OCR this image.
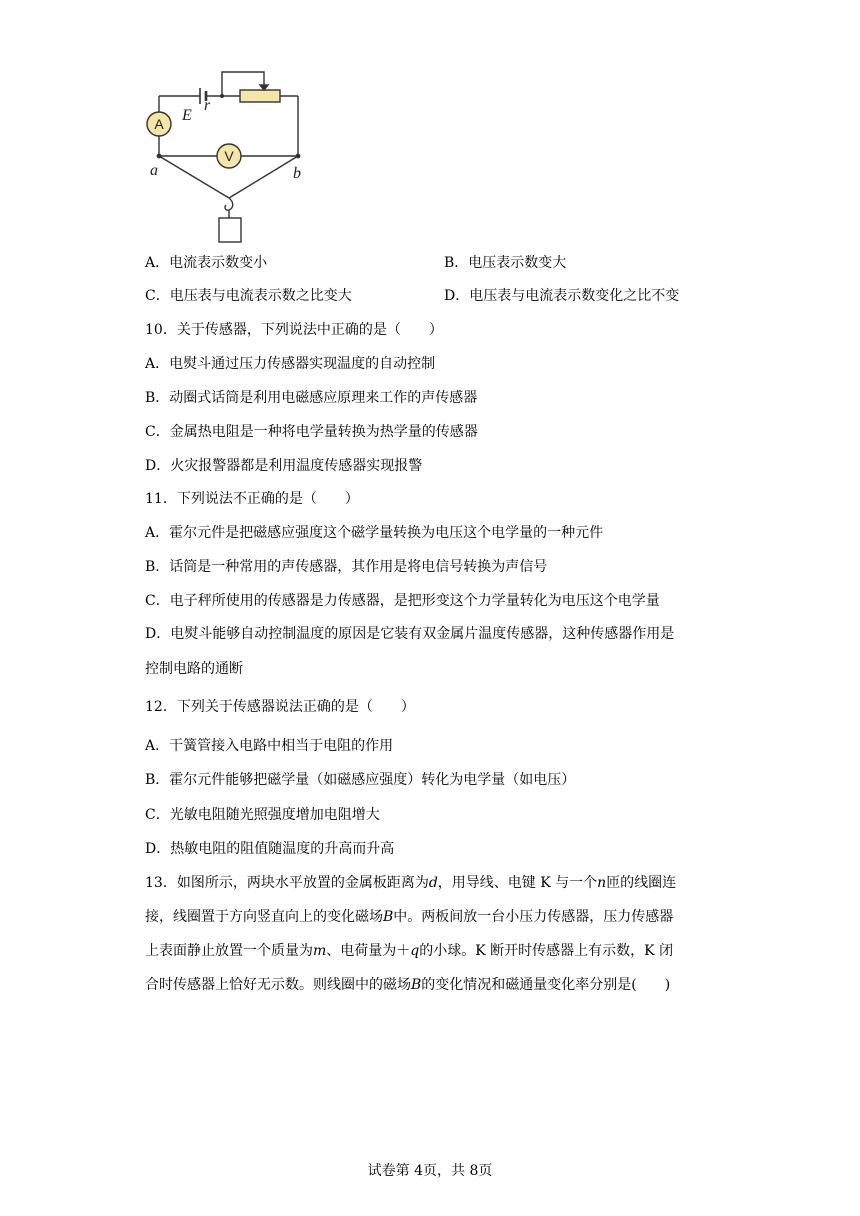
A
V
E
r
a	b
A．电流表示数变小	B．电压表示数变大
C．电压表与电流表示数之比变大	D．电压表与电流表示数变化之比不变
10．关于传感器，下列说法中正确的是（　　）
A．电熨斗通过压力传感器实现温度的自动控制
B．动圈式话筒是利用电磁感应原理来工作的声传感器
C．金属热电阻是一种将电学量转换为热学量的传感器
D．火灾报警器都是利用温度传感器实现报警
11．下列说法不正确的是（　　）
A．霍尔元件是把磁感应强度这个磁学量转换为电压这个电学量的一种元件
B．话筒是一种常用的声传感器，其作用是将电信号转换为声信号
C．电子秤所使用的传感器是力传感器，是把形变这个力学量转化为电压这个电学量
D．电熨斗能够自动控制温度的原因是它装有双金属片温度传感器，这种传感器作用是
控制电路的通断
12．下列关于传感器说法正确的是（　　）
A．干簧管接入电路中相当于电阻的作用
B．霍尔元件能够把磁学量（如磁感应强度）转化为电学量（如电压）
C．光敏电阻随光照强度增加电阻增大
D．热敏电阻的阻值随温度的升高而升高
13．如图所示，两块水平放置的金属板距离为d，用导线、电键 K 与一个n匝的线圈连
接，线圈置于方向竖直向上的变化磁场B中。两板间放一台小压力传感器，压力传感器
上表面静止放置一个质量为m、电荷量为＋q的小球。K 断开时传感器上有示数，K 闭
合时传感器上恰好无示数。则线圈中的磁场B的变化情况和磁通量变化率分别是(　　)
试卷第 4页，共 8页
